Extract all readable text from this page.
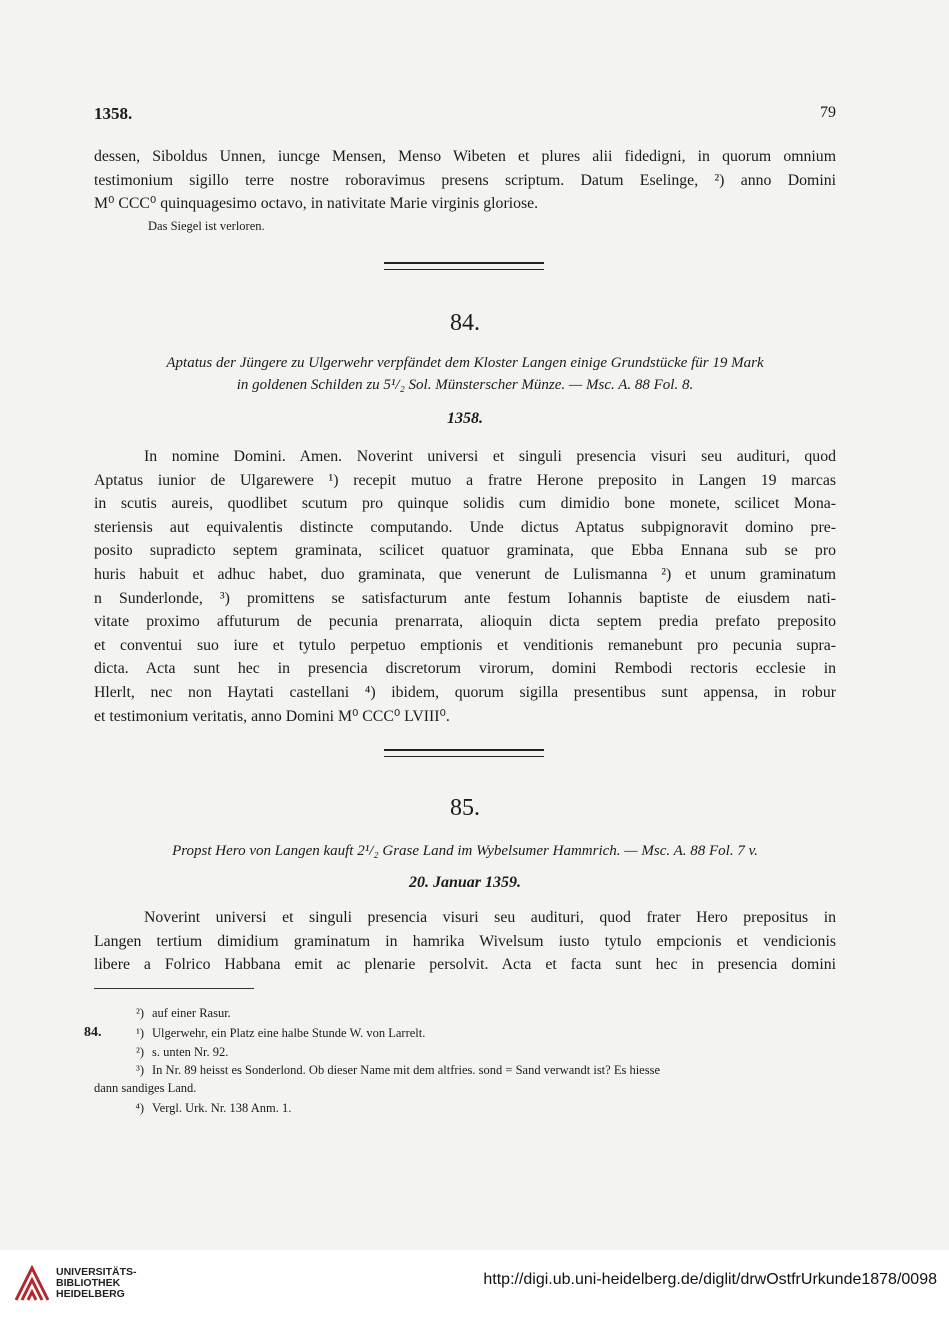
1358.	79
dessen, Siboldus Unnen, iuncge Mensen, Menso Wibeten et plures alii fidedigni, in quorum omnium
testimonium sigillo terre nostre roboravimus presens scriptum. Datum Eselinge, ²) anno Domini
M⁰ CCC⁰ quinquagesimo octavo, in nativitate Marie virginis gloriose.
Das Siegel ist verloren.
84.
Aptatus der Jüngere zu Ulgerwehr verpfändet dem Kloster Langen einige Grundstücke für 19 Mark
in goldenen Schilden zu 5¹/₂ Sol. Münsterscher Münze. — Msc. A. 88 Fol. 8.
1358.
In nomine Domini. Amen. Noverint universi et singuli presencia visuri seu audituri, quod
Aptatus iunior de Ulgarewere ¹) recepit mutuo a fratre Herone preposito in Langen 19 marcas
in scutis aureis, quodlibet scutum pro quinque solidis cum dimidio bone monete, scilicet Mona-
steriensis aut equivalentis distincte computando. Unde dictus Aptatus subpignoravit domino pre-
posito supradicto septem graminata, scilicet quatuor graminata, que Ebba Ennana sub se pro
huris habuit et adhuc habet, duo graminata, que venerunt de Lulismanna ²) et unum graminatum
n Sunderlonde, ³) promittens se satisfacturum ante festum Iohannis baptiste de eiusdem nati-
vitate proximo affuturum de pecunia prenarrata, alioquin dicta septem predia prefato preposito
et conventui suo iure et tytulo perpetuo emptionis et venditionis remanebunt pro pecunia supra-
dicta. Acta sunt hec in presencia discretorum virorum, domini Rembodi rectoris ecclesie in
Hlerlt, nec non Haytati castellani ⁴) ibidem, quorum sigilla presentibus sunt appensa, in robur
et testimonium veritatis, anno Domini M⁰ CCC⁰ LVIII⁰.
85.
Propst Hero von Langen kauft 2¹/₂ Grase Land im Wybelsumer Hammrich. — Msc. A. 88 Fol. 7 v.
20. Januar 1359.
Noverint universi et singuli presencia visuri seu audituri, quod frater Hero prepositus in
Langen tertium dimidium graminatum in hamrika Wivelsum iusto tytulo empcionis et vendicionis
libere a Folrico Habbana emit ac plenarie persolvit. Acta et facta sunt hec in presencia domini
²) auf einer Rasur.
84.	¹) Ulgerwehr, ein Platz eine halbe Stunde W. von Larrelt.
²) s. unten Nr. 92.
³) In Nr. 89 heisst es Sonderlond. Ob dieser Name mit dem altfries. sond = Sand verwandt ist? Es hiesse
dann sandiges Land.
⁴) Vergl. Urk. Nr. 138 Anm. 1.
UNIVERSITÄTS-
BIBLIOTHEK
HEIDELBERG
http://digi.ub.uni-heidelberg.de/diglit/drwOstfrUrkunde1878/0098
